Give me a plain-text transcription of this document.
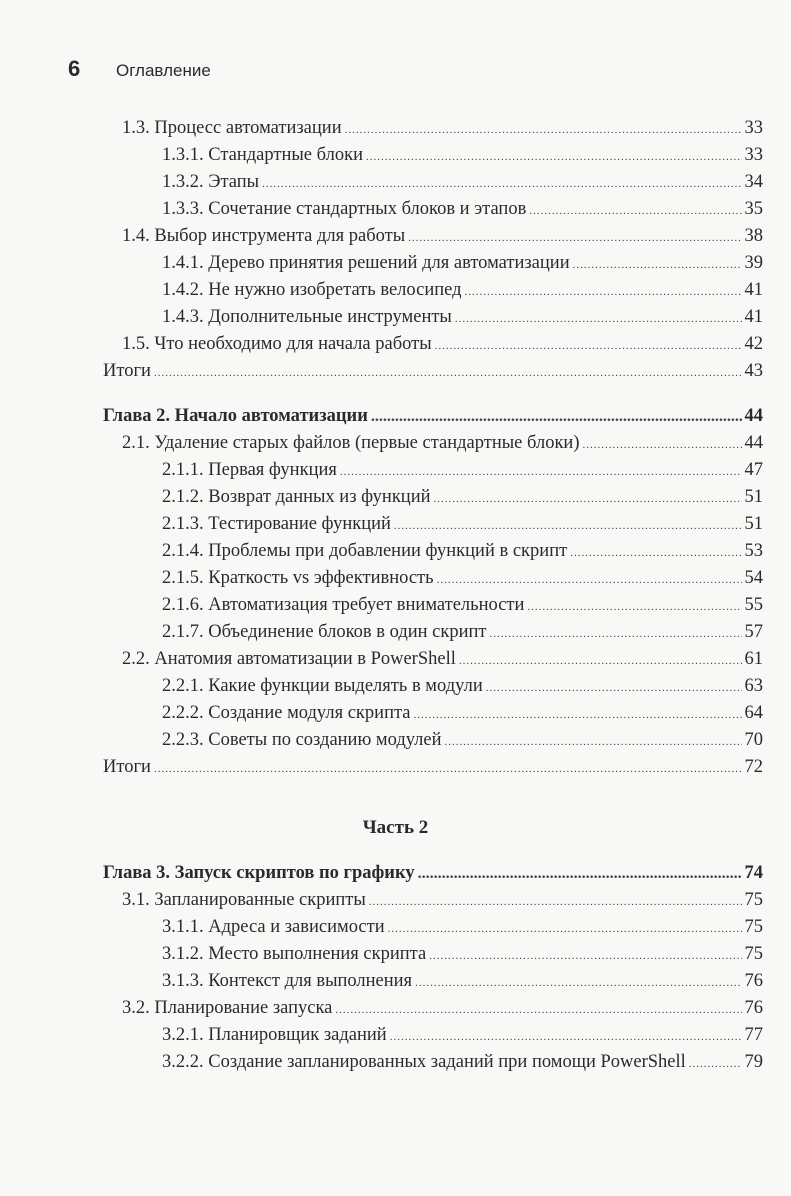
6	Оглавление
1.3. Процесс автоматизации .....	33
1.3.1. Стандартные блоки .....	33
1.3.2. Этапы .....	34
1.3.3. Сочетание стандартных блоков и этапов .....	35
1.4. Выбор инструмента для работы .....	38
1.4.1. Дерево принятия решений для автоматизации .....	39
1.4.2. Не нужно изобретать велосипед .....	41
1.4.3. Дополнительные инструменты .....	41
1.5. Что необходимо для начала работы .....	42
Итоги .....	43
Глава 2. Начало автоматизации .....	44
2.1. Удаление старых файлов (первые стандартные блоки) .....	44
2.1.1. Первая функция .....	47
2.1.2. Возврат данных из функций .....	51
2.1.3. Тестирование функций .....	51
2.1.4. Проблемы при добавлении функций в скрипт .....	53
2.1.5. Краткость vs эффективность .....	54
2.1.6. Автоматизация требует внимательности .....	55
2.1.7. Объединение блоков в один скрипт .....	57
2.2. Анатомия автоматизации в PowerShell .....	61
2.2.1. Какие функции выделять в модули .....	63
2.2.2. Создание модуля скрипта .....	64
2.2.3. Советы по созданию модулей .....	70
Итоги .....	72
Часть 2
Глава 3. Запуск скриптов по графику .....	74
3.1. Запланированные скрипты .....	75
3.1.1. Адреса и зависимости .....	75
3.1.2. Место выполнения скрипта .....	75
3.1.3. Контекст для выполнения .....	76
3.2. Планирование запуска .....	76
3.2.1. Планировщик заданий .....	77
3.2.2. Создание запланированных заданий при помощи PowerShell .....	79
